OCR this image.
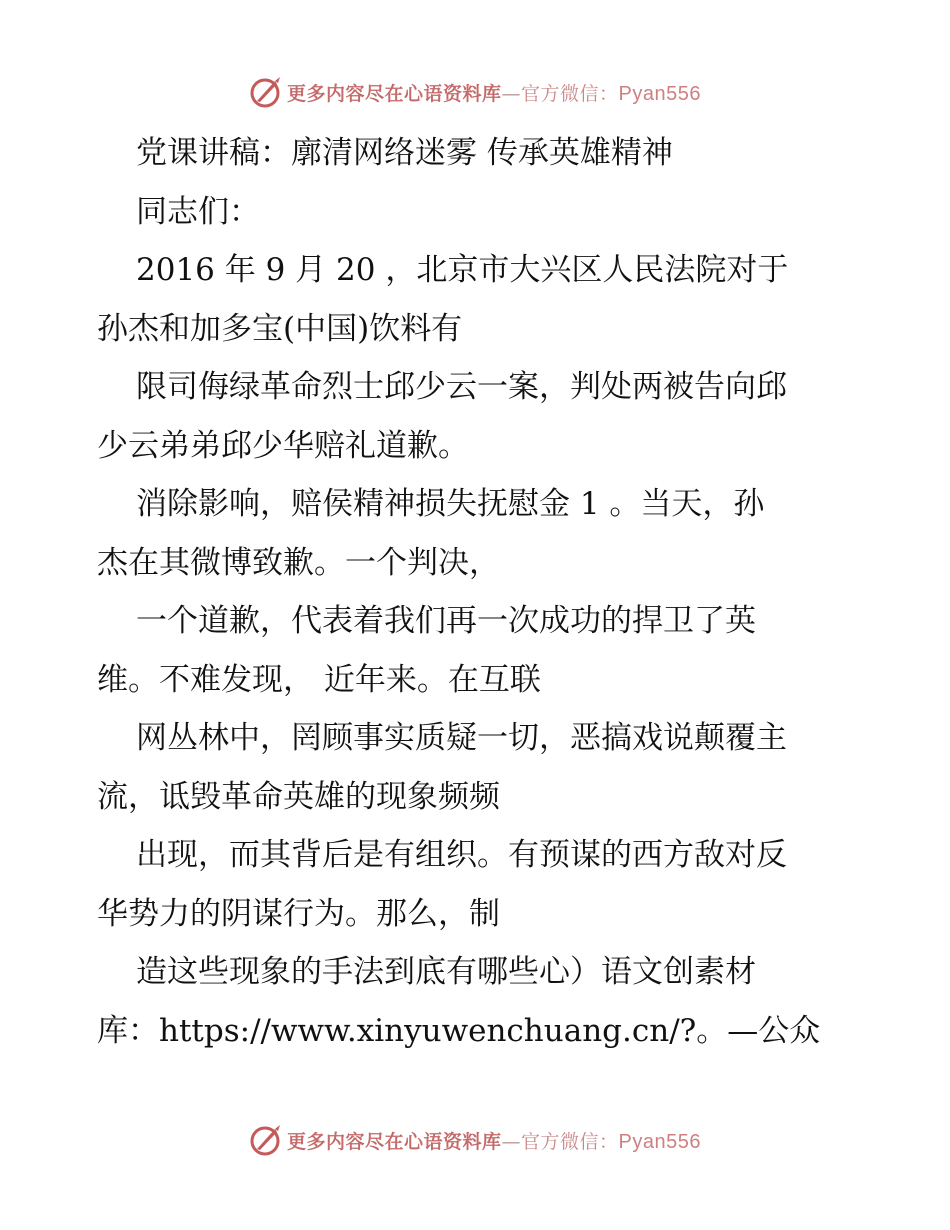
更多内容尽在心语资料库—官方微信：Pyan556
党课讲稿：廓清网络迷雾 传承英雄精神
同志们：
2016 年 9 月 20 ，北京市大兴区人民法院对于
孙杰和加多宝(中国)饮料有
限司侮绿革命烈士邱少云一案，判处两被告向邱
少云弟弟邱少华赔礼道歉。
消除影响，赔侯精神损失抚慰金 1 。当天，孙
杰在其微博致歉。一个判决，
一个道歉，代表着我们再一次成功的捍卫了英
维。不难发现， 近年来。在互联
网丛林中，罔顾事实质疑一切，恶搞戏说颠覆主
流，诋毁革命英雄的现象频频
出现，而其背后是有组织。有预谋的西方敌对反
华势力的阴谋行为。那么，制
造这些现象的手法到底有哪些心）语文创素材
库：https://www.xinyuwenchuang.cn/?。—公众
更多内容尽在心语资料库—官方微信：Pyan556
